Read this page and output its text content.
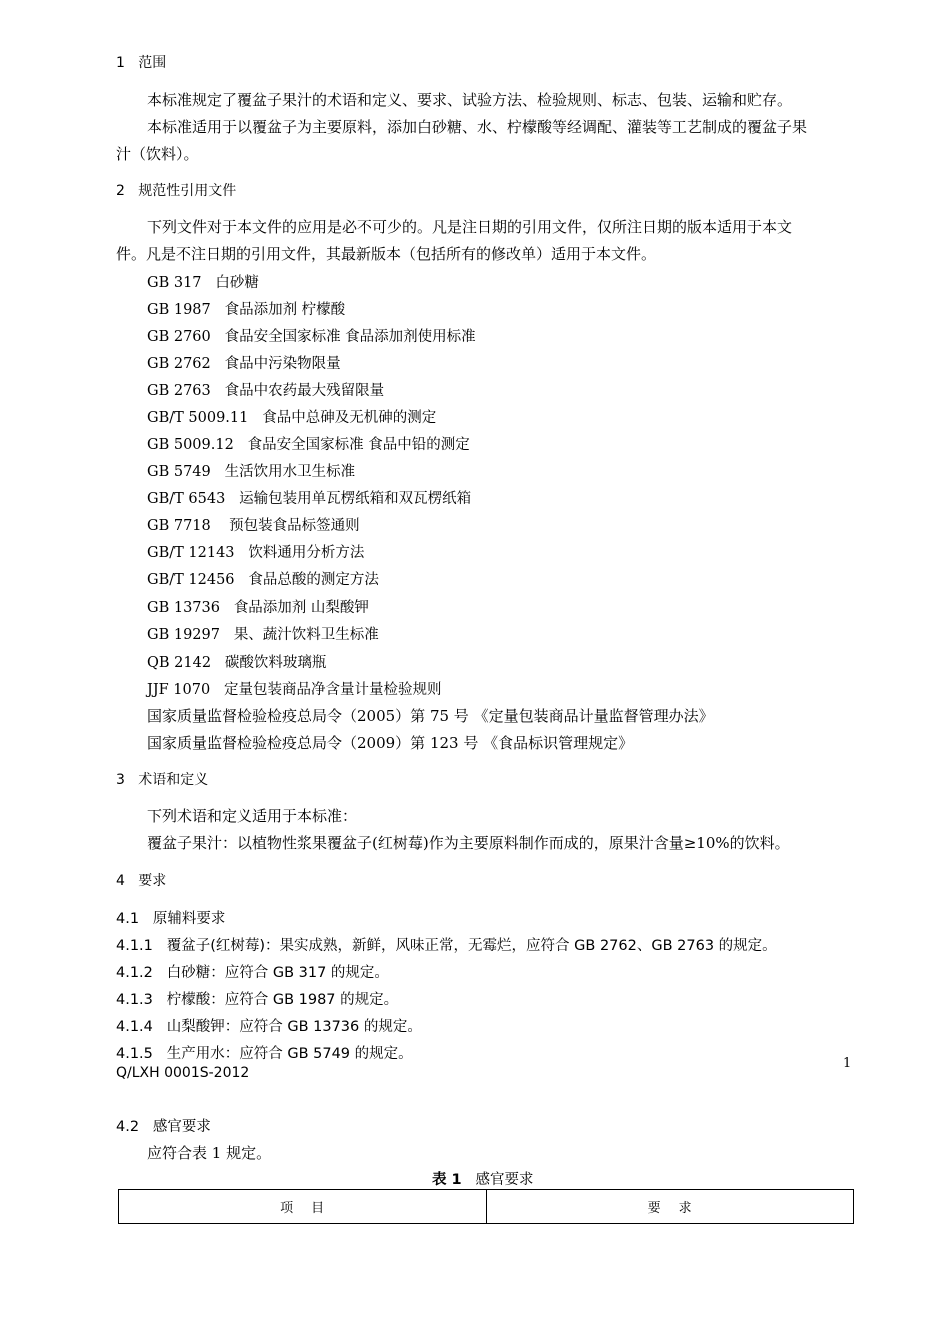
1 范围
本标准规定了覆盆子果汁的术语和定义、要求、试验方法、检验规则、标志、包装、运输和贮存。
本标准适用于以覆盆子为主要原料，添加白砂糖、水、柠檬酸等经调配、灌装等工艺制成的覆盆子果
汁（饮料）。
2 规范性引用文件
下列文件对于本文件的应用是必不可少的。凡是注日期的引用文件，仅所注日期的版本适用于本文
件。凡是不注日期的引用文件，其最新版本（包括所有的修改单）适用于本文件。
GB 317 白砂糖
GB 1987 食品添加剂 柠檬酸
GB 2760 食品安全国家标准 食品添加剂使用标准
GB 2762 食品中污染物限量
GB 2763 食品中农药最大残留限量
GB/T 5009.11 食品中总砷及无机砷的测定
GB 5009.12 食品安全国家标准 食品中铅的测定
GB 5749 生活饮用水卫生标准
GB/T 6543 运输包装用单瓦楞纸箱和双瓦楞纸箱
GB 7718    预包装食品标签通则
GB/T 12143 饮料通用分析方法
GB/T 12456 食品总酸的测定方法
GB 13736 食品添加剂 山梨酸钾
GB 19297 果、蔬汁饮料卫生标准
QB 2142 碳酸饮料玻璃瓶
JJF 1070 定量包装商品净含量计量检验规则
国家质量监督检验检疫总局令（2005）第 75 号 《定量包装商品计量监督管理办法》
国家质量监督检验检疫总局令（2009）第 123 号 《食品标识管理规定》
3 术语和定义
下列术语和定义适用于本标准：
覆盆子果汁：以植物性浆果覆盆子(红树莓)作为主要原料制作而成的，原果汁含量≥10%的饮料。
4 要求
4.1 原辅料要求
4.1.1 覆盆子(红树莓)：果实成熟，新鲜，风味正常，无霉烂，应符合 GB 2762、GB 2763 的规定。
4.1.2 白砂糖：应符合 GB 317 的规定。
4.1.3 柠檬酸：应符合 GB 1987 的规定。
4.1.4 山梨酸钾：应符合 GB 13736 的规定。
4.1.5 生产用水：应符合 GB 5749 的规定。
1
Q/LXH 0001S-2012
4.2 感官要求
应符合表 1 规定。
表 1 感官要求
项    目	要    求
